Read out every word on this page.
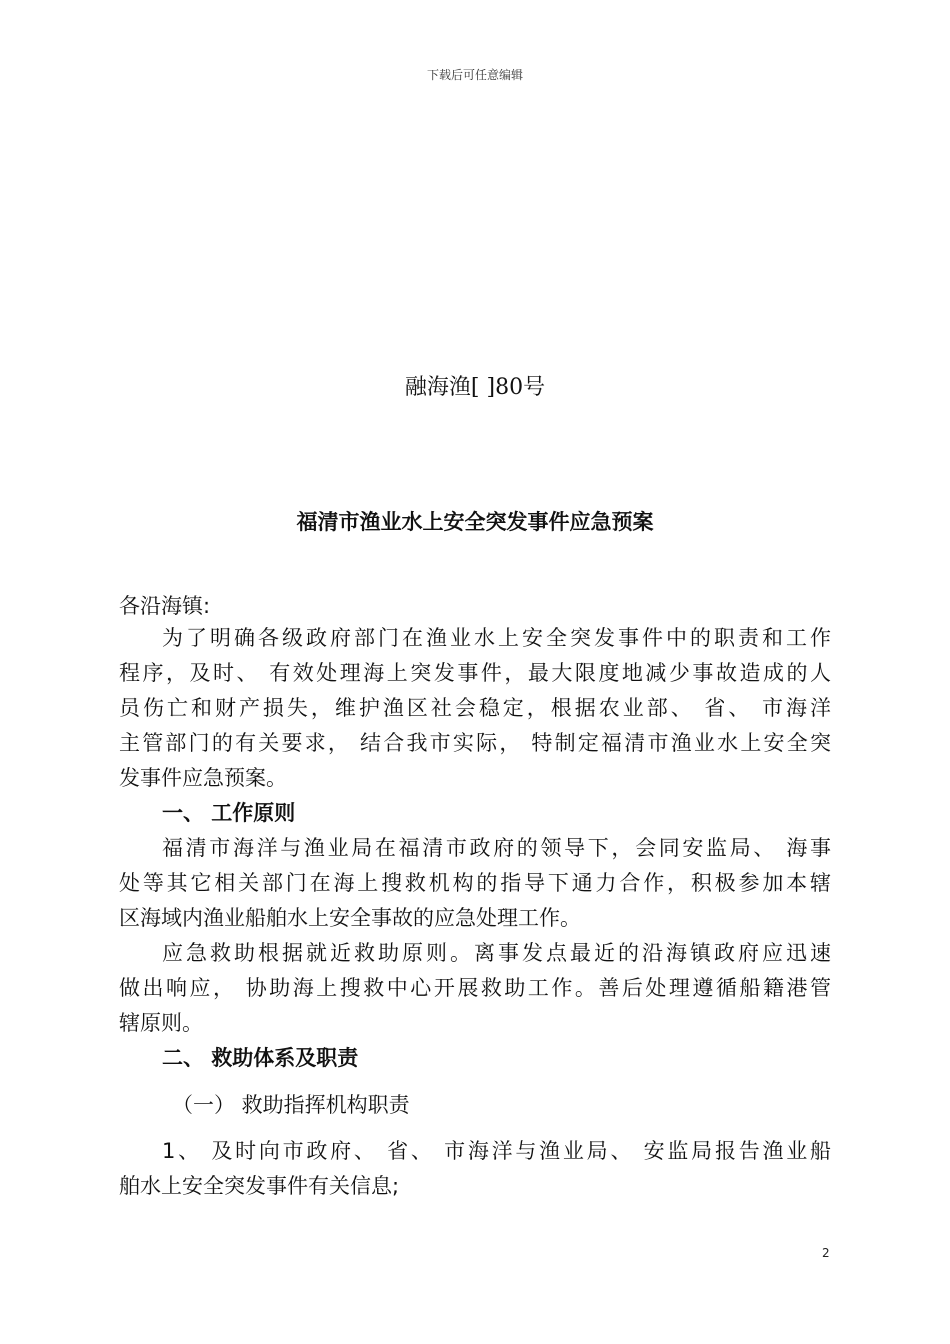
下载后可任意编辑
融海渔[ ]80号
福清市渔业水上安全突发事件应急预案
各沿海镇:
为了明确各级政府部门在渔业水上安全突发事件中的职责和工作
程序，及时、 有效处理海上突发事件，最大限度地减少事故造成的人
员伤亡和财产损失，维护渔区社会稳定，根据农业部、 省、 市海洋
主管部门的有关要求， 结合我市实际， 特制定福清市渔业水上安全突
发事件应急预案。
一、 工作原则
福清市海洋与渔业局在福清市政府的领导下，会同安监局、 海事
处等其它相关部门在海上搜救机构的指导下通力合作，积极参加本辖
区海域内渔业船舶水上安全事故的应急处理工作。
应急救助根据就近救助原则。离事发点最近的沿海镇政府应迅速
做出响应， 协助海上搜救中心开展救助工作。善后处理遵循船籍港管
辖原则。
二、 救助体系及职责
（一） 救助指挥机构职责
1、 及时向市政府、 省、 市海洋与渔业局、 安监局报告渔业船
舶水上安全突发事件有关信息;
2
